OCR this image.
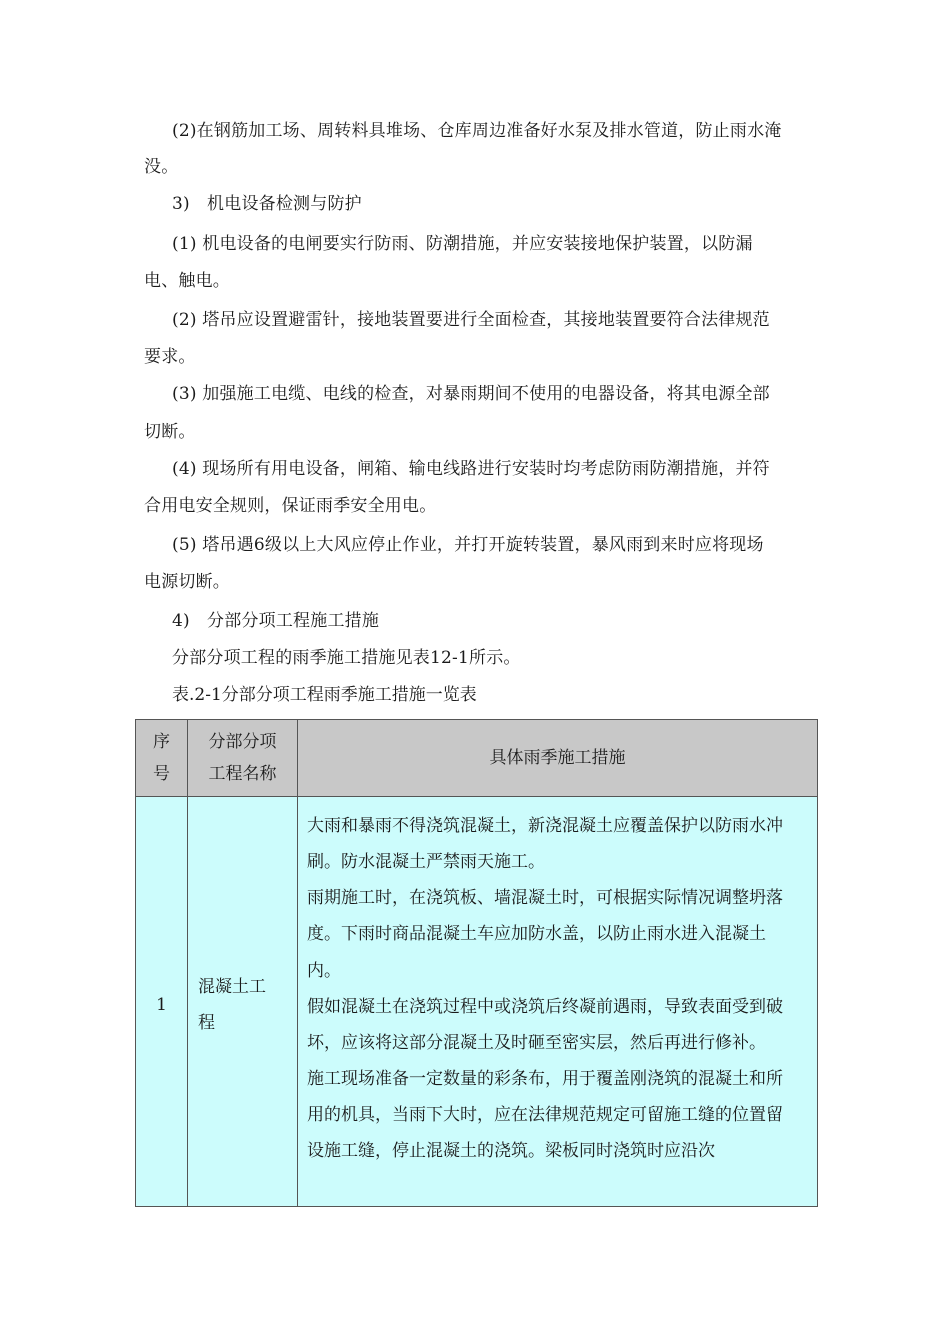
(2)在钢筋加工场、周转料具堆场、仓库周边准备好水泵及排水管道，防止雨水淹
没。
3)　机电设备检测与防护
(1) 机电设备的电闸要实行防雨、防潮措施，并应安装接地保护装置，以防漏
电、触电。
(2) 塔吊应设置避雷针，接地装置要进行全面检查，其接地装置要符合法律规范
要求。
(3) 加强施工电缆、电线的检查，对暴雨期间不使用的电器设备，将其电源全部
切断。
(4) 现场所有用电设备，闸箱、输电线路进行安装时均考虑防雨防潮措施，并符
合用电安全规则，保证雨季安全用电。
(5) 塔吊遇6级以上大风应停止作业，并打开旋转装置，暴风雨到来时应将现场
电源切断。
4)　分部分项工程施工措施
分部分项工程的雨季施工措施见表12-1所示。
表.2-1分部分项工程雨季施工措施一览表
序
号
分部分项
工程名称
具体雨季施工措施
1
混凝土工
程
大雨和暴雨不得浇筑混凝土，新浇混凝土应覆盖保护以防雨水冲
刷。防水混凝土严禁雨天施工。
雨期施工时，在浇筑板、墙混凝土时，可根据实际情况调整坍落
度。下雨时商品混凝土车应加防水盖，以防止雨水进入混凝土
内。
假如混凝土在浇筑过程中或浇筑后终凝前遇雨，导致表面受到破
坏，应该将这部分混凝土及时砸至密实层，然后再进行修补。
施工现场准备一定数量的彩条布，用于覆盖刚浇筑的混凝土和所
用的机具，当雨下大时，应在法律规范规定可留施工缝的位置留
设施工缝，停止混凝土的浇筑。梁板同时浇筑时应沿次
